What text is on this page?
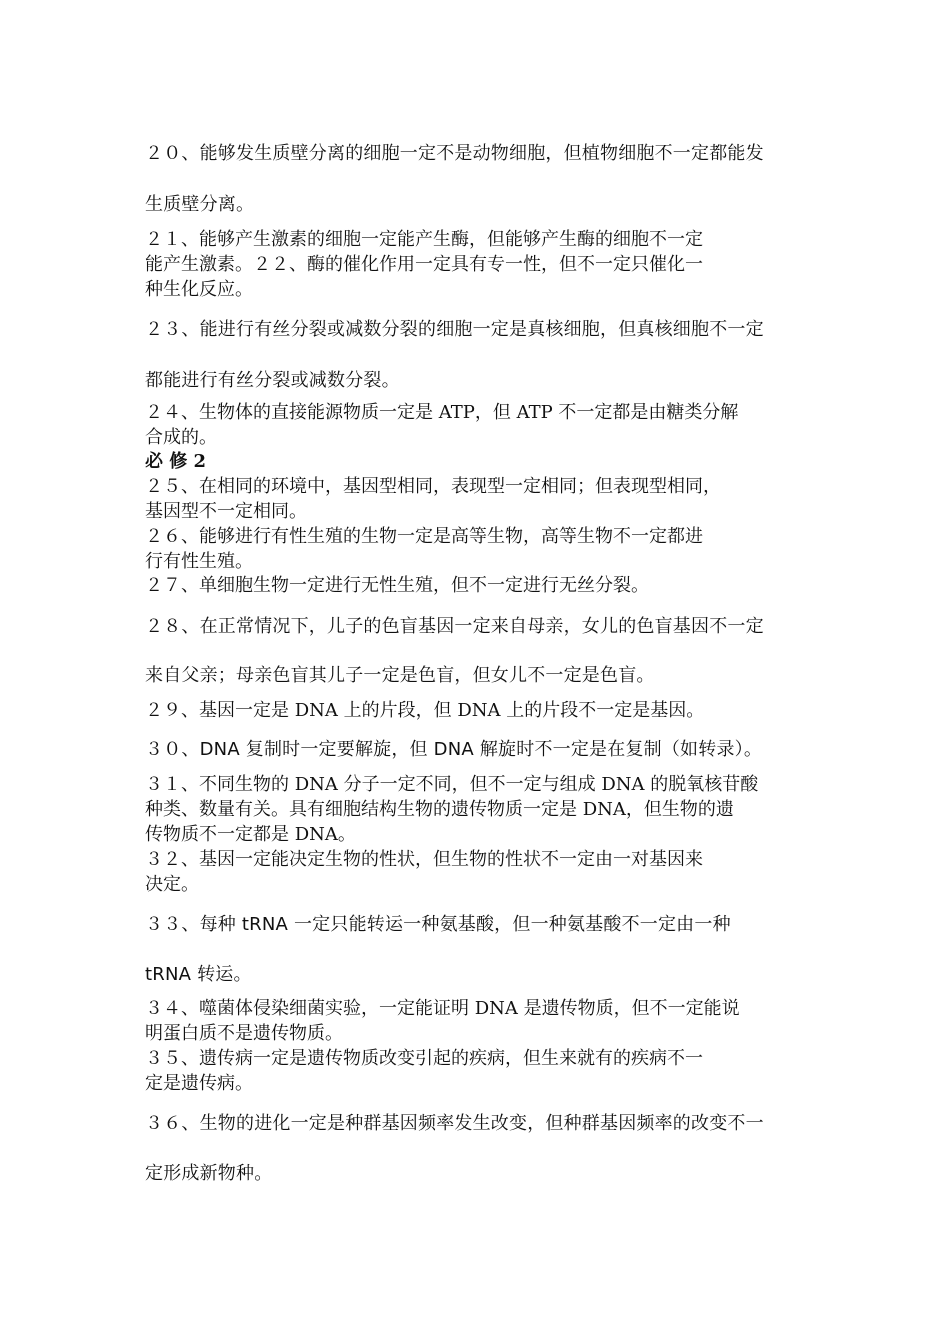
２０、能够发生质壁分离的细胞一定不是动物细胞，但植物细胞不一定都能发
生质壁分离。
２１、能够产生激素的细胞一定能产生酶，但能够产生酶的细胞不一定
能产生激素。２２、酶的催化作用一定具有专一性，但不一定只催化一
种生化反应。
２３、能进行有丝分裂或减数分裂的细胞一定是真核细胞，但真核细胞不一定
都能进行有丝分裂或减数分裂。
２４、生物体的直接能源物质一定是 ATP，但 ATP 不一定都是由糖类分解
合成的。
必 修 2
２５、在相同的环境中，基因型相同，表现型一定相同；但表现型相同，
基因型不一定相同。
２６、能够进行有性生殖的生物一定是高等生物，高等生物不一定都进
行有性生殖。
２７、单细胞生物一定进行无性生殖，但不一定进行无丝分裂。
２８、在正常情况下，儿子的色盲基因一定来自母亲，女儿的色盲基因不一定
来自父亲；母亲色盲其儿子一定是色盲，但女儿不一定是色盲。
２９、基因一定是 DNA 上的片段，但 DNA 上的片段不一定是基因。
３０、DNA 复制时一定要解旋，但 DNA 解旋时不一定是在复制（如转录）。
３１、不同生物的 DNA 分子一定不同，但不一定与组成 DNA 的脱氧核苷酸
种类、数量有关。具有细胞结构生物的遗传物质一定是 DNA，但生物的遗
传物质不一定都是 DNA。
３２、基因一定能决定生物的性状，但生物的性状不一定由一对基因来
决定。
３３、每种 tRNA 一定只能转运一种氨基酸，但一种氨基酸不一定由一种
tRNA 转运。
３４、噬菌体侵染细菌实验，一定能证明 DNA 是遗传物质，但不一定能说
明蛋白质不是遗传物质。
３５、遗传病一定是遗传物质改变引起的疾病，但生来就有的疾病不一
定是遗传病。
３６、生物的进化一定是种群基因频率发生改变，但种群基因频率的改变不一
定形成新物种。
